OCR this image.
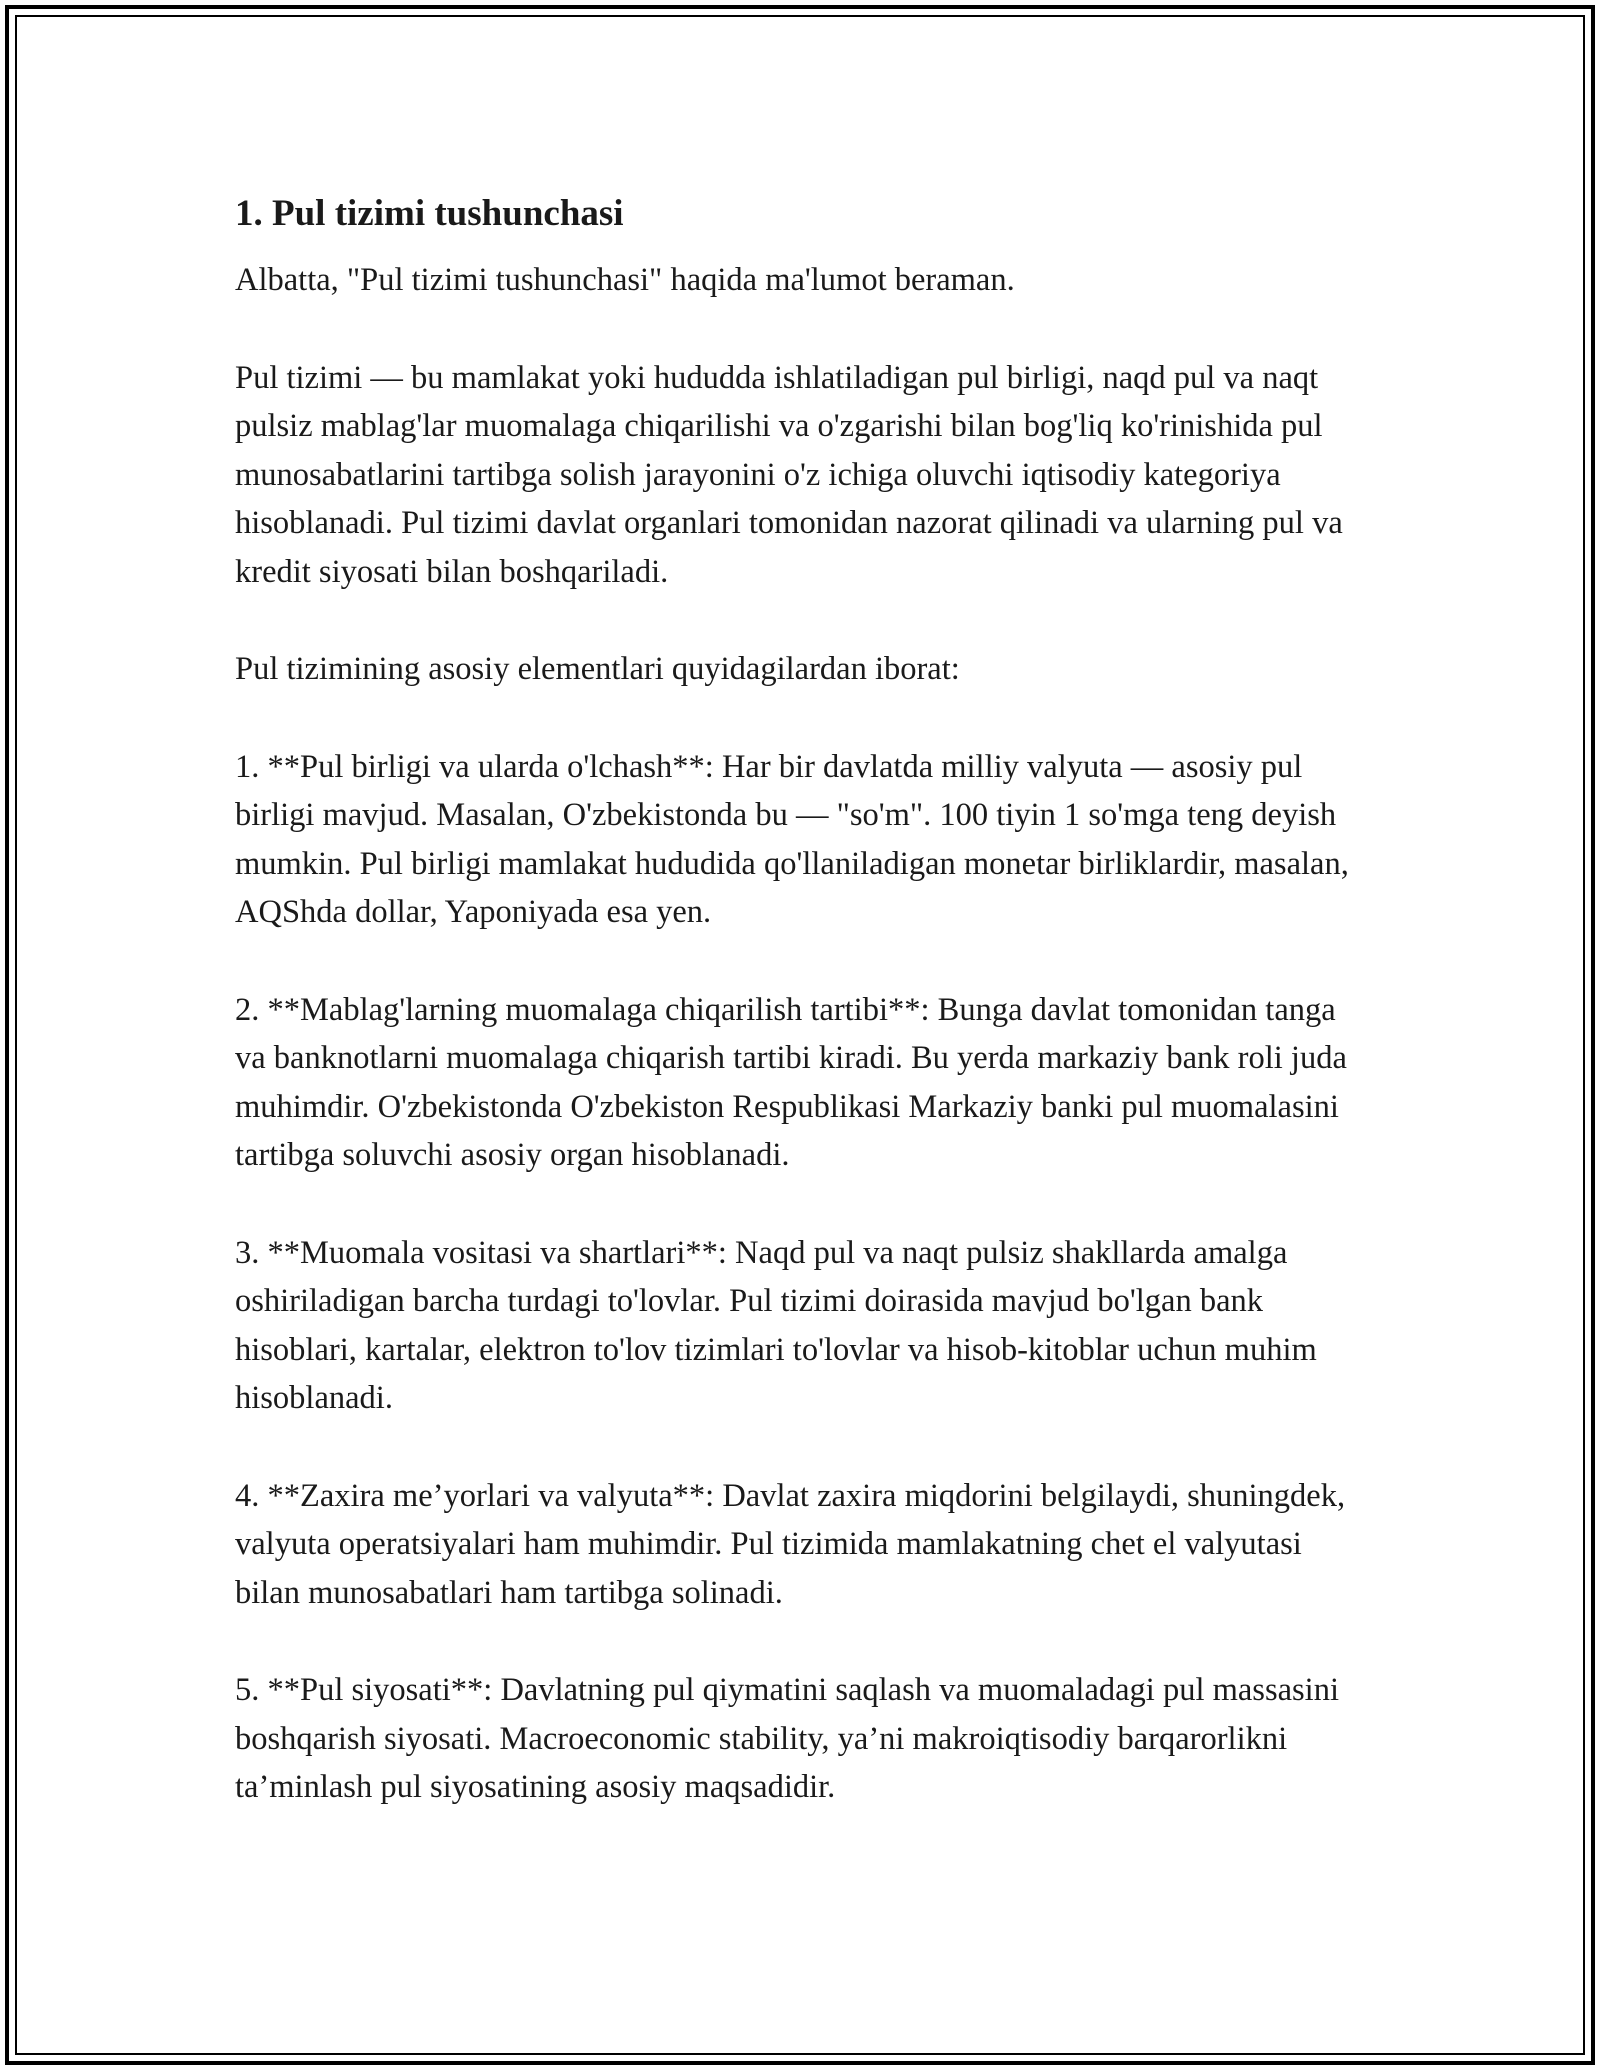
1. Pul tizimi tushunchasi

Albatta, "Pul tizimi tushunchasi" haqida ma'lumot beraman.

Pul tizimi — bu mamlakat yoki hududda ishlatiladigan pul birligi, naqd pul va naqt pulsiz mablag'lar muomalaga chiqarilishi va o'zgarishi bilan bog'liq ko'rinishida pul munosabatlarini tartibga solish jarayonini o'z ichiga oluvchi iqtisodiy kategoriya hisoblanadi. Pul tizimi davlat organlari tomonidan nazorat qilinadi va ularning pul va kredit siyosati bilan boshqariladi.

Pul tizimining asosiy elementlari quyidagilardan iborat:

1. **Pul birligi va ularda o'lchash**: Har bir davlatda milliy valyuta — asosiy pul birligi mavjud. Masalan, O'zbekistonda bu — "so'm". 100 tiyin 1 so'mga teng deyish mumkin. Pul birligi mamlakat hududida qo'llaniladigan monetar birliklardir, masalan, AQShda dollar, Yaponiyada esa yen.

2. **Mablag'larning muomalaga chiqarilish tartibi**: Bunga davlat tomonidan tanga va banknotlarni muomalaga chiqarish tartibi kiradi. Bu yerda markaziy bank roli juda muhimdir. O'zbekistonda O'zbekiston Respublikasi Markaziy banki pul muomalasini tartibga soluvchi asosiy organ hisoblanadi.

3. **Muomala vositasi va shartlari**: Naqd pul va naqt pulsiz shakllarda amalga oshiriladigan barcha turdagi to'lovlar. Pul tizimi doirasida mavjud bo'lgan bank hisoblari, kartalar, elektron to'lov tizimlari to'lovlar va hisob-kitoblar uchun muhim hisoblanadi.

4. **Zaxira me’yorlari va valyuta**: Davlat zaxira miqdorini belgilaydi, shuningdek, valyuta operatsiyalari ham muhimdir. Pul tizimida mamlakatning chet el valyutasi bilan munosabatlari ham tartibga solinadi.

5. **Pul siyosati**: Davlatning pul qiymatini saqlash va muomaladagi pul massasini boshqarish siyosati. Macroeconomic stability, ya’ni makroiqtisodiy barqarorlikni ta’minlash pul siyosatining asosiy maqsadidir.
